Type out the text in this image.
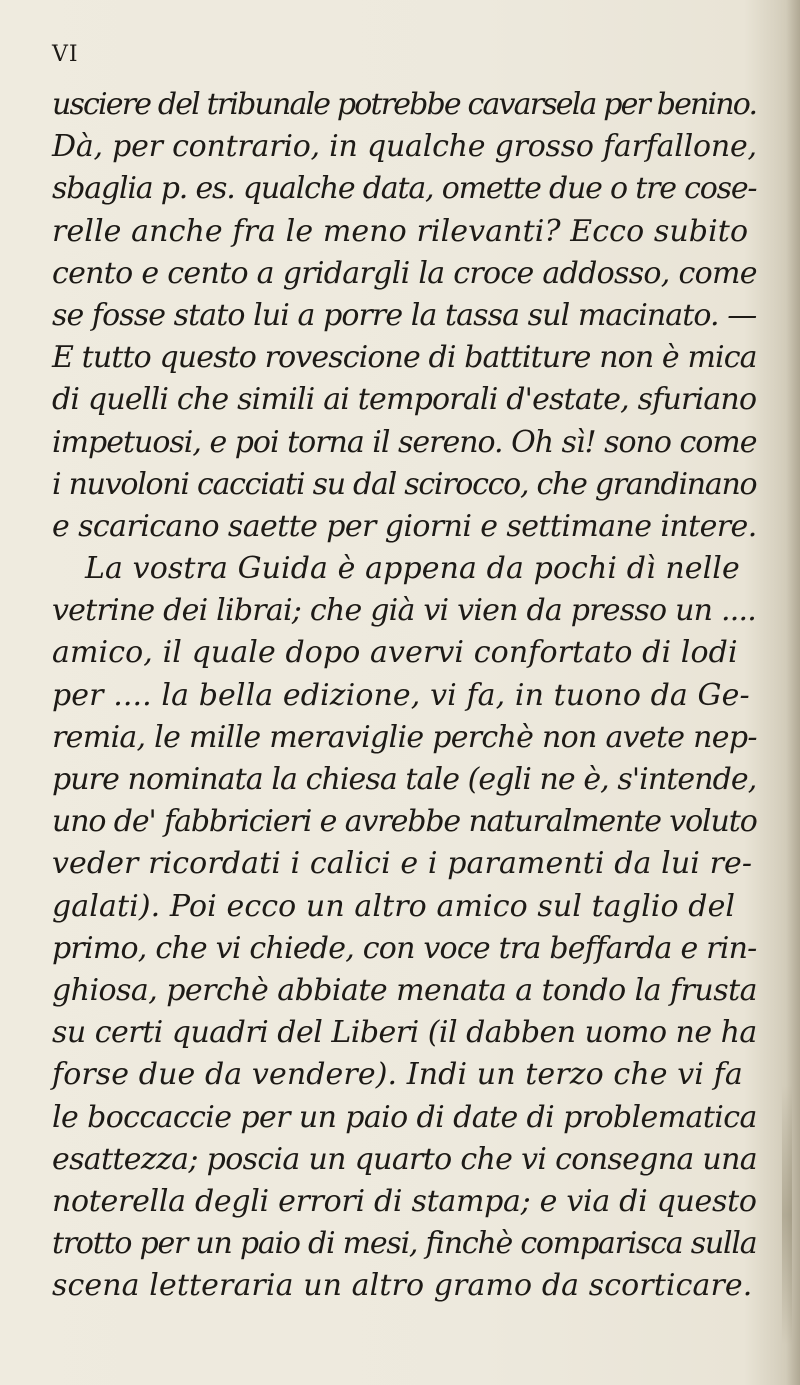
VI
usciere del tribunale potrebbe cavarsela per benino.
Dà, per contrario, in qualche grosso farfallone,
sbaglia p. es. qualche data, omette due o tre cose-
relle anche fra le meno rilevanti? Ecco subito
cento e cento a gridargli la croce addosso, come
se fosse stato lui a porre la tassa sul macinato. —
E tutto questo rovescione di battiture non è mica
di quelli che simili ai temporali d'estate, sfuriano
impetuosi, e poi torna il sereno. Oh sì! sono come
i nuvoloni cacciati su dal scirocco, che grandinano
e scaricano saette per giorni e settimane intere.
La vostra Guida è appena da pochi dì nelle
vetrine dei librai; che già vi vien da presso un ....
amico, il quale dopo avervi confortato di lodi
per .... la bella edizione, vi fa, in tuono da Ge-
remia, le mille meraviglie perchè non avete nep-
pure nominata la chiesa tale (egli ne è, s'intende,
uno de' fabbricieri e avrebbe naturalmente voluto
veder ricordati i calici e i paramenti da lui re-
galati). Poi ecco un altro amico sul taglio del
primo, che vi chiede, con voce tra beffarda e rin-
ghiosa, perchè abbiate menata a tondo la frusta
su certi quadri del Liberi (il dabben uomo ne ha
forse due da vendere). Indi un terzo che vi fa
le boccaccie per un paio di date di problematica
esattezza; poscia un quarto che vi consegna una
noterella degli errori di stampa; e via di questo
trotto per un paio di mesi, finchè comparisca sulla
scena letteraria un altro gramo da scorticare.
